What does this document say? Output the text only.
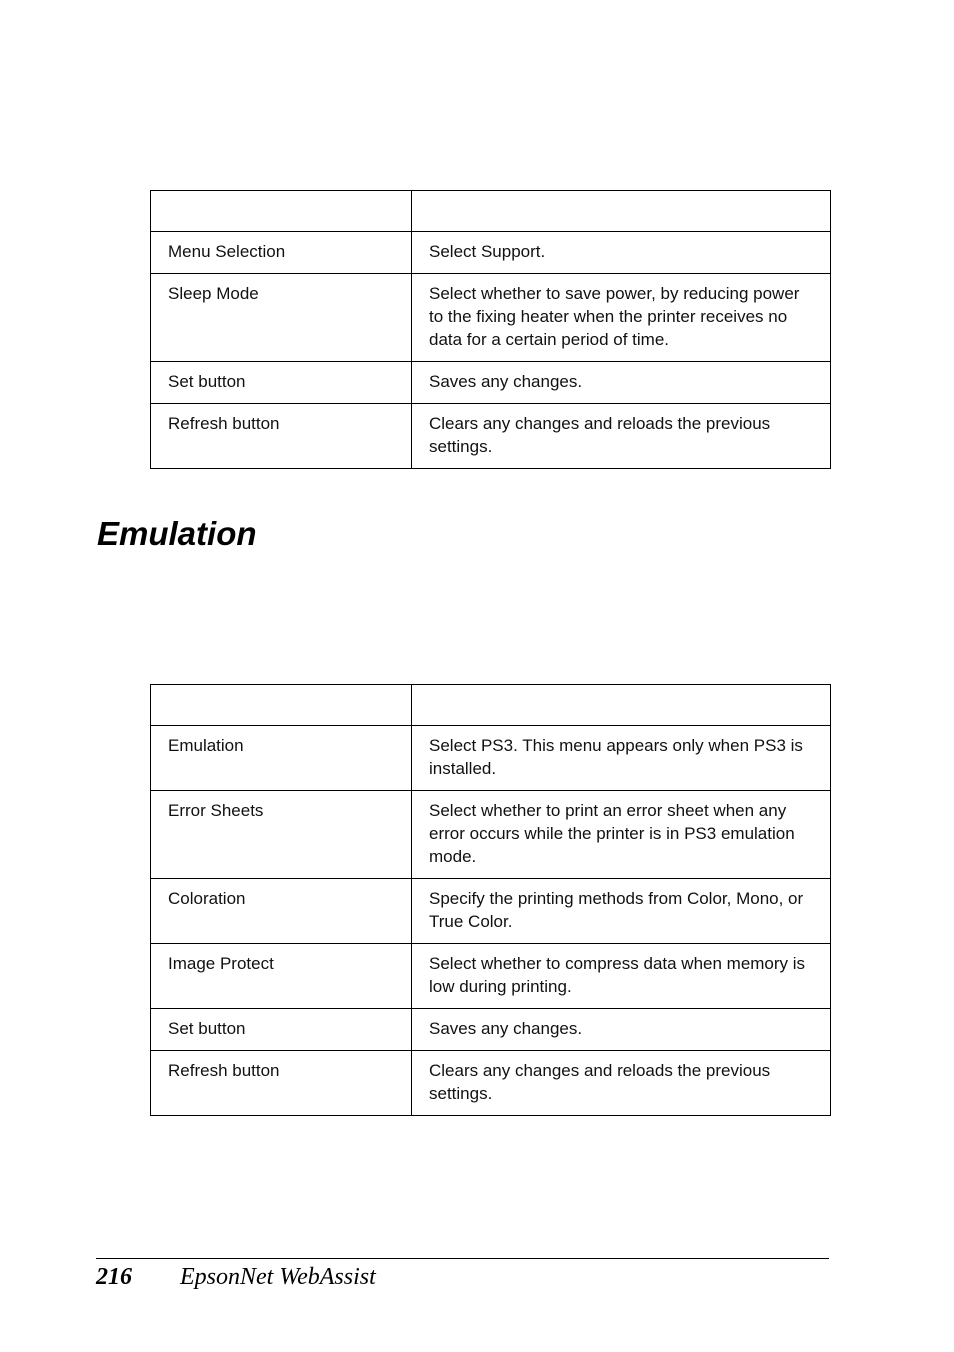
Menu Selection	Select Support.
Sleep Mode	Select whether to save power, by reducing power to the fixing heater when the printer receives no data for a certain period of time.
Set button	Saves any changes.
Refresh button	Clears any changes and reloads the previous settings.
Emulation

Emulation	Select PS3. This menu appears only when PS3 is installed.
Error Sheets	Select whether to print an error sheet when any error occurs while the printer is in PS3 emulation mode.
Coloration	Specify the printing methods from Color, Mono, or True Color.
Image Protect	Select whether to compress data when memory is low during printing.
Set button	Saves any changes.
Refresh button	Clears any changes and reloads the previous settings.
216 EpsonNet WebAssist
